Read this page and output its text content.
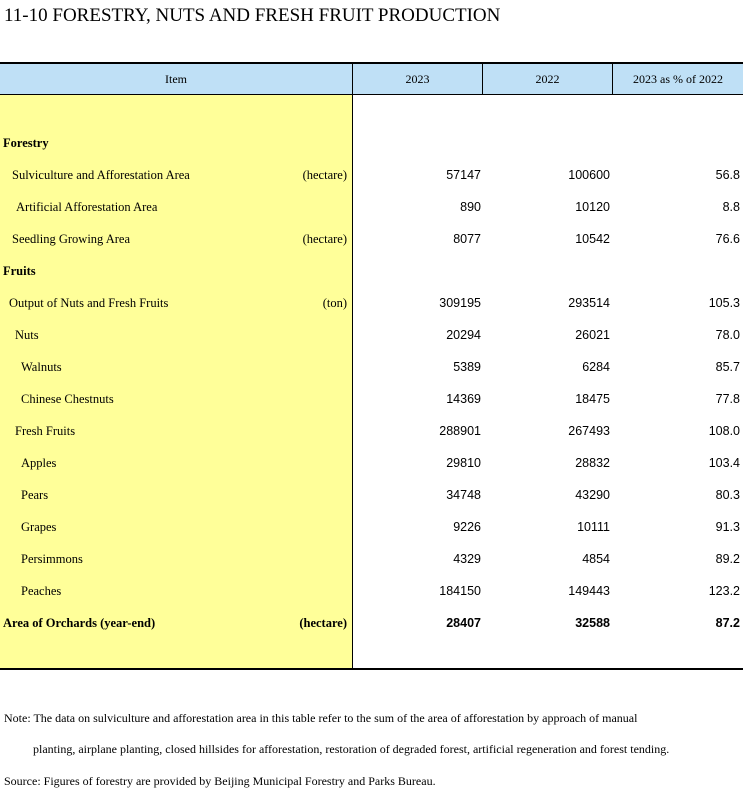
11-10 FORESTRY, NUTS AND FRESH FRUIT PRODUCTION
Item	2023	2022	2023 as % of 2022
Forestry
Sulviculture and Afforestation Area	(hectare)	57147	100600	56.8
Artificial Afforestation Area	890	10120	8.8
Seedling Growing Area	(hectare)	8077	10542	76.6
Fruits
Output of Nuts and Fresh Fruits	(ton)	309195	293514	105.3
Nuts	20294	26021	78.0
Walnuts	5389	6284	85.7
Chinese Chestnuts	14369	18475	77.8
Fresh Fruits	288901	267493	108.0
Apples	29810	28832	103.4
Pears	34748	43290	80.3
Grapes	9226	10111	91.3
Persimmons	4329	4854	89.2
Peaches	184150	149443	123.2
Area of Orchards (year-end)	(hectare)	28407	32588	87.2
Note: The data on sulviculture and afforestation area in this table refer to the sum of the area of afforestation by approach of manual
planting, airplane planting, closed hillsides for afforestation, restoration of degraded forest, artificial regeneration and forest tending.
Source: Figures of forestry are provided by Beijing Municipal Forestry and Parks Bureau.
